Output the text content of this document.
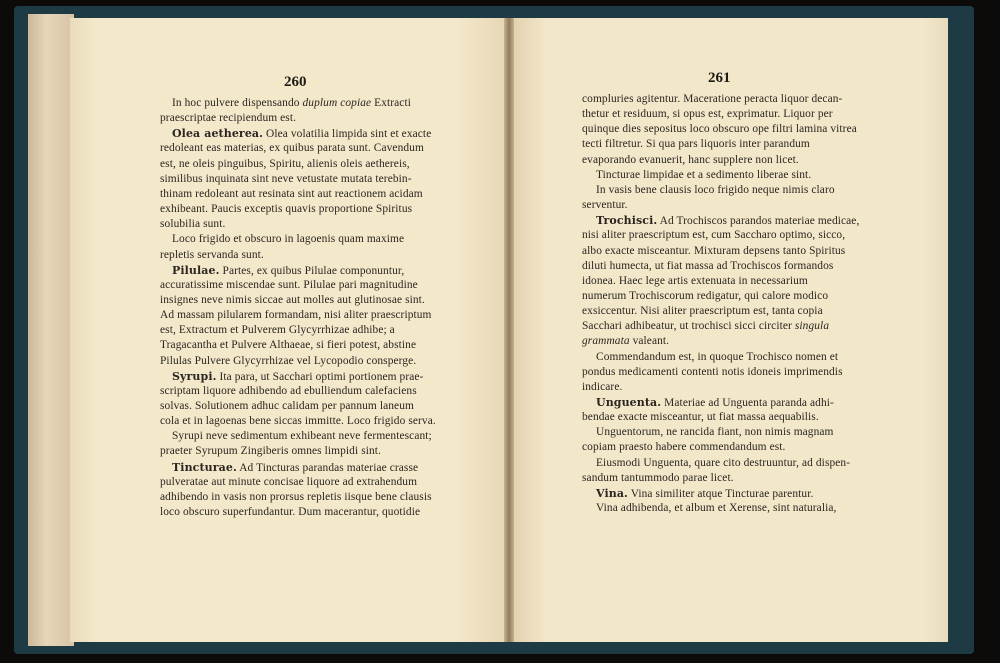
260	261
In hoc pulvere dispensando duplum copiae Extracti
praescriptae recipiendum est.
Olea aetherea. Olea volatilia limpida sint et exacte
redoleant eas materias, ex quibus parata sunt. Cavendum
est, ne oleis pinguibus, Spiritu, alienis oleis aethereis,
similibus inquinata sint neve vetustate mutata terebin-
thinam redoleant aut resinata sint aut reactionem acidam
exhibeant. Paucis exceptis quavis proportione Spiritus
solubilia sunt.
Loco frigido et obscuro in lagoenis quam maxime
repletis servanda sunt.
Pilulae. Partes, ex quibus Pilulae componuntur,
accuratissime miscendae sunt. Pilulae pari magnitudine
insignes neve nimis siccae aut molles aut glutinosae sint.
Ad massam pilularem formandam, nisi aliter praescriptum
est, Extractum et Pulverem Glycyrrhizae adhibe; a
Tragacantha et Pulvere Althaeae, si fieri potest, abstine
Pilulas Pulvere Glycyrrhizae vel Lycopodio consperge.
Syrupi. Ita para, ut Sacchari optimi portionem prae-
scriptam liquore adhibendo ad ebulliendum calefaciens
solvas. Solutionem adhuc calidam per pannum laneum
cola et in lagoenas bene siccas immitte. Loco frigido serva.
Syrupi neve sedimentum exhibeant neve fermentescant;
praeter Syrupum Zingiberis omnes limpidi sint.
Tincturae. Ad Tincturas parandas materiae crasse
pulveratae aut minute concisae liquore ad extrahendum
adhibendo in vasis non prorsus repletis iisque bene clausis
loco obscuro superfundantur. Dum macerantur, quotidie
compluries agitentur. Maceratione peracta liquor decan-
thetur et residuum, si opus est, exprimatur. Liquor per
quinque dies sepositus loco obscuro ope filtri lamina vitrea
tecti filtretur. Si qua pars liquoris inter parandum
evaporando evanuerit, hanc supplere non licet.
Tincturae limpidae et a sedimento liberae sint.
In vasis bene clausis loco frigido neque nimis claro
serventur.
Trochisci. Ad Trochiscos parandos materiae medicae,
nisi aliter praescriptum est, cum Saccharo optimo, sicco,
albo exacte misceantur. Mixturam depsens tanto Spiritus
diluti humecta, ut fiat massa ad Trochiscos formandos
idonea. Haec lege artis extenuata in necessarium
numerum Trochiscorum redigatur, qui calore modico
exsiccentur. Nisi aliter praescriptum est, tanta copia
Sacchari adhibeatur, ut trochisci sicci circiter singula
grammata valeant.
Commendandum est, in quoque Trochisco nomen et
pondus medicamenti contenti notis idoneis imprimendis
indicare.
Unguenta. Materiae ad Unguenta paranda adhi-
bendae exacte misceantur, ut fiat massa aequabilis.
Unguentorum, ne rancida fiant, non nimis magnam
copiam praesto habere commendandum est.
Eiusmodi Unguenta, quare cito destruuntur, ad dispen-
sandum tantummodo parae licet.
Vina. Vina similiter atque Tincturae parentur.
Vina adhibenda, et album et Xerense, sint naturalia,
